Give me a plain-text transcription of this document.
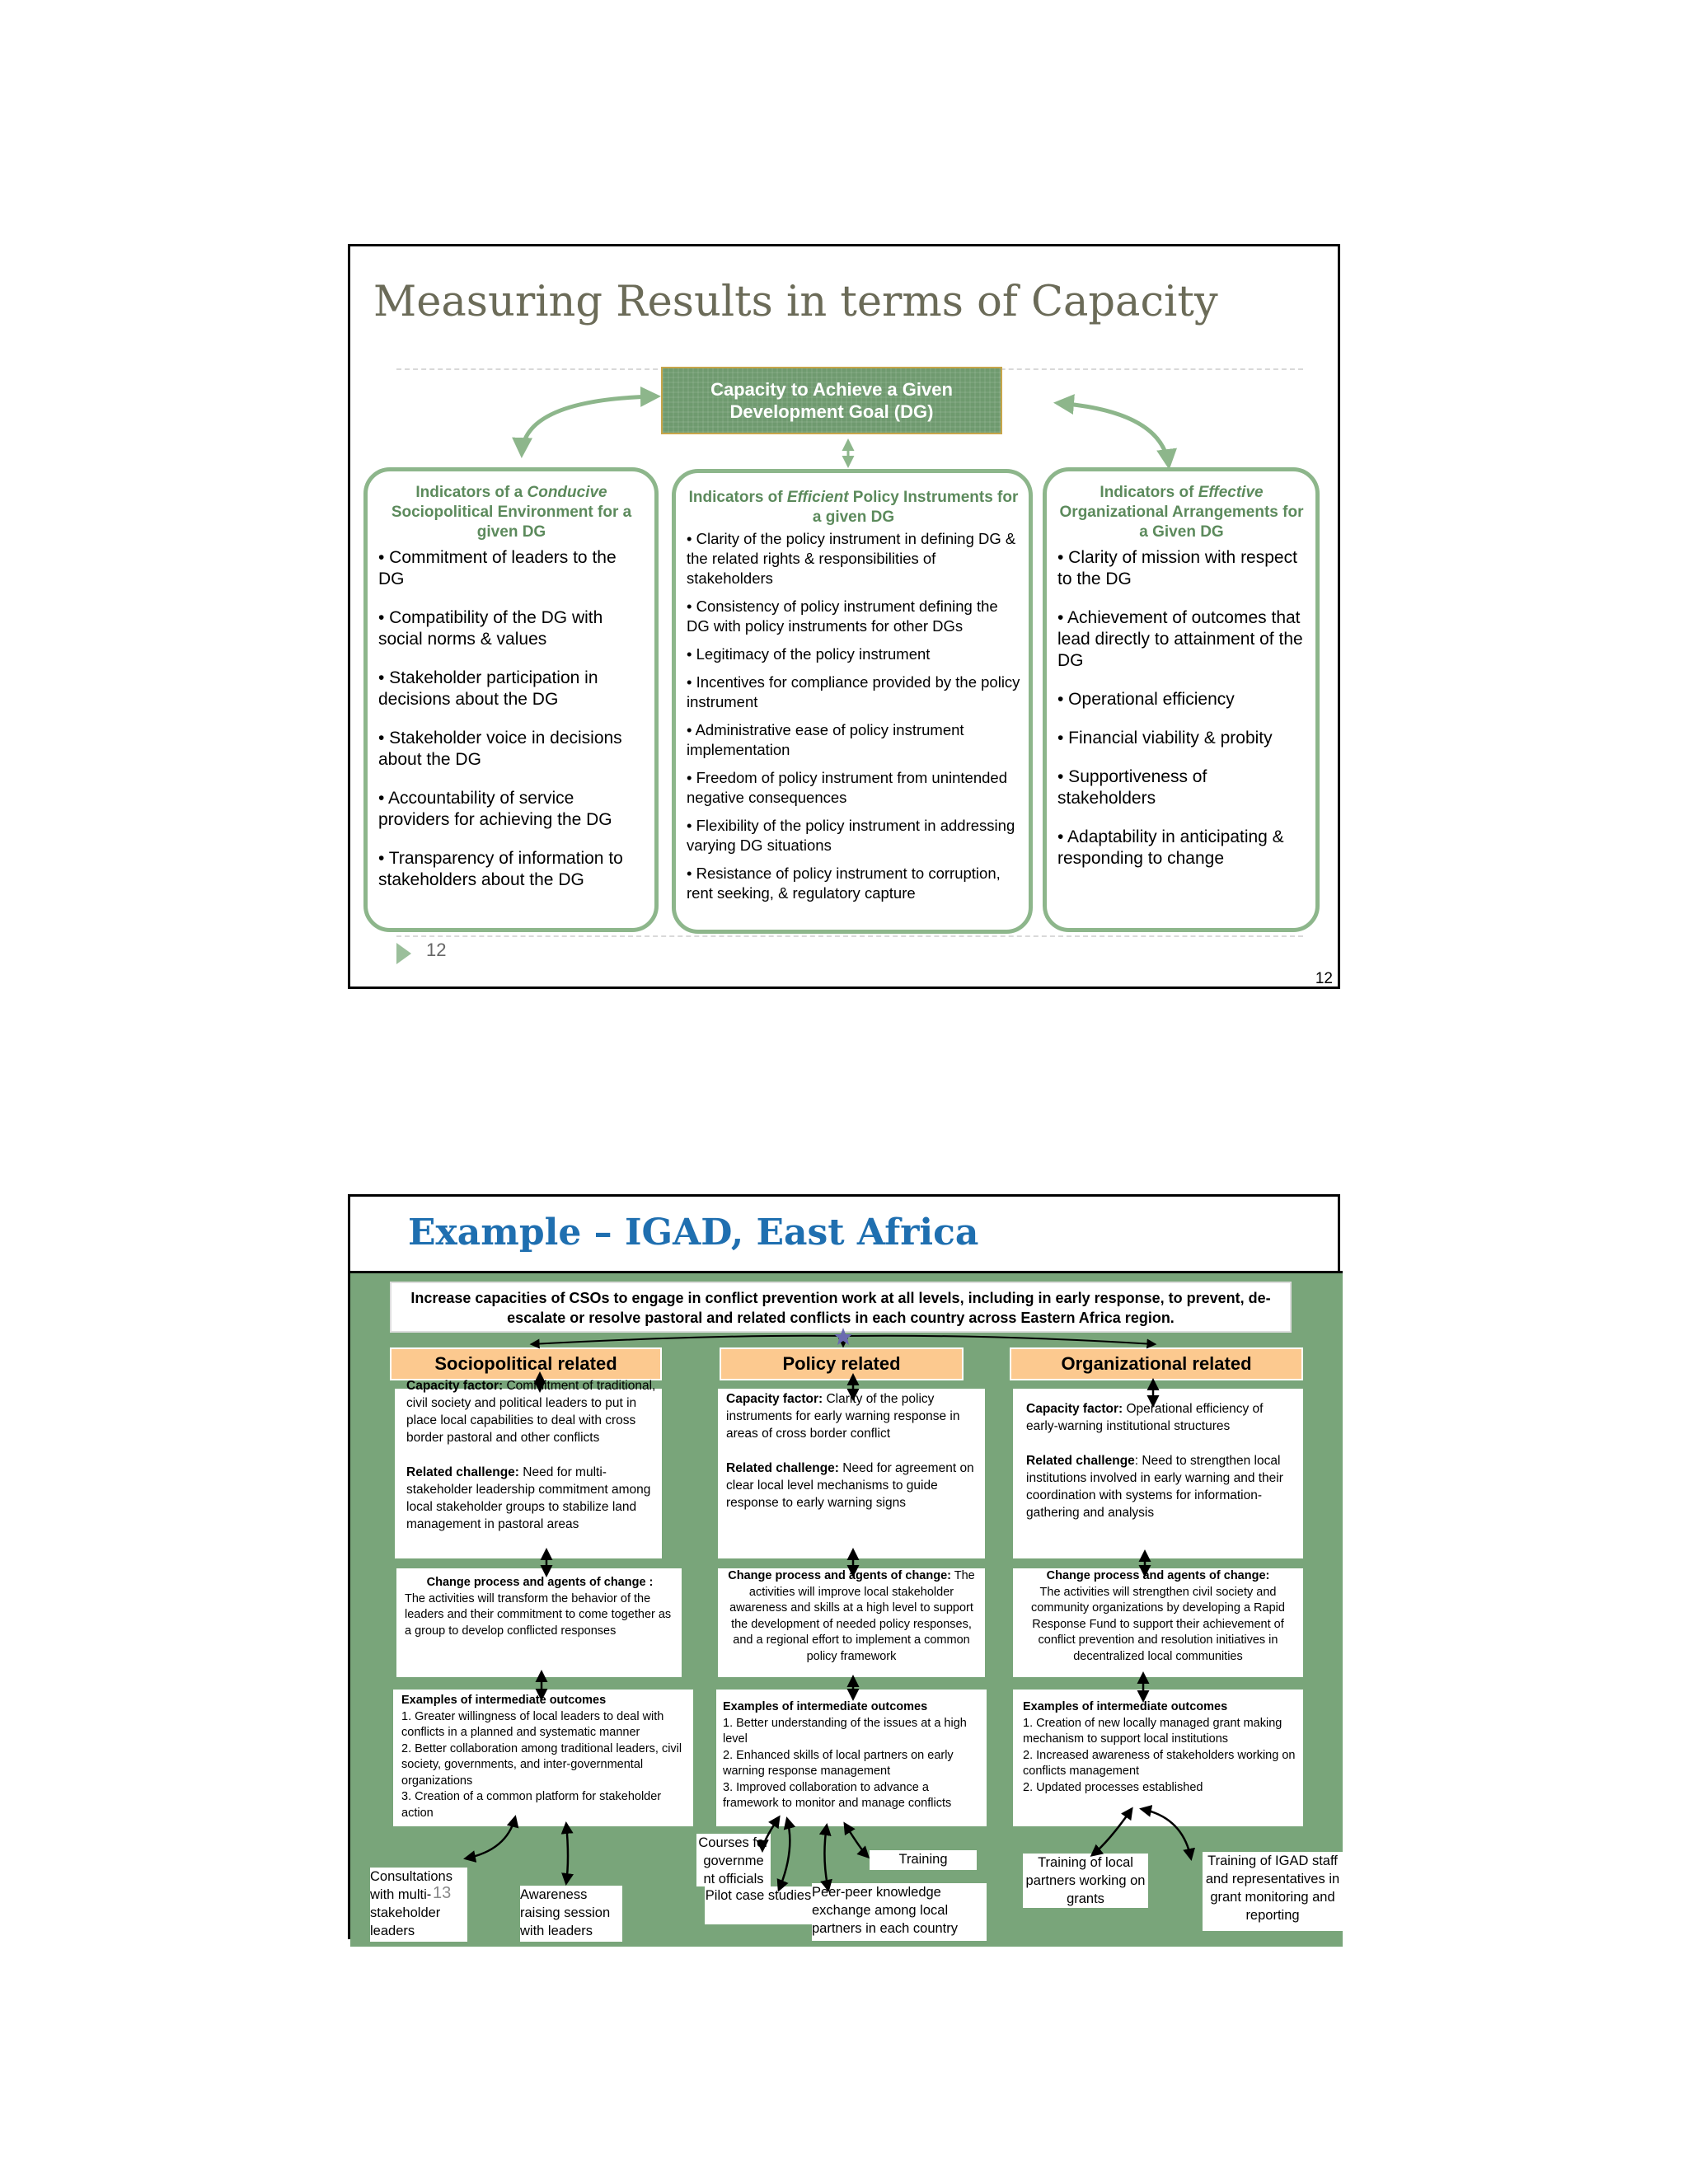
Measuring Results in terms of Capacity
Capacity to Achieve a Given Development Goal (DG)
Indicators of a Conducive Sociopolitical Environment for a given DG
• Commitment of leaders to the DG
• Compatibility of the DG with social norms & values
• Stakeholder participation in decisions about the DG
• Stakeholder voice in decisions about the DG
• Accountability of service providers for achieving the DG
• Transparency of information to stakeholders about the DG
Indicators of Efficient Policy Instruments for a given DG
• Clarity of the policy instrument in defining DG & the related rights & responsibilities of stakeholders
• Consistency of policy instrument defining the DG with policy instruments for other DGs
• Legitimacy of the policy instrument
• Incentives for compliance provided by the policy instrument
• Administrative ease of policy instrument implementation
• Freedom of policy instrument from unintended negative consequences
• Flexibility of the policy instrument in addressing varying DG situations
• Resistance of policy instrument to corruption, rent seeking, & regulatory capture
Indicators of Effective Organizational Arrangements for a Given DG
• Clarity of mission with respect to the DG
• Achievement of outcomes that lead directly to attainment of the DG
• Operational efficiency
• Financial viability & probity
• Supportiveness of stakeholders
• Adaptability in anticipating & responding to change
12
12
Example – IGAD, East Africa
Increase capacities of CSOs to engage in conflict prevention work at all levels, including in early response, to prevent, de-escalate or resolve pastoral and related conflicts in each country across Eastern Africa region.
Sociopolitical related	Policy related	Organizational related
Capacity factor: Commitment of traditional, civil society and political leaders to put in place local capabilities to deal with cross border pastoral and other conflicts
Related challenge: Need for multi-stakeholder leadership commitment among local stakeholder groups to stabilize land management in pastoral areas
Capacity factor: Clarity of the policy instruments for early warning response in areas of cross border conflict
Related challenge: Need for agreement on clear local level mechanisms to guide response to early warning signs
Capacity factor: Operational efficiency of early-warning institutional structures
Related challenge: Need to strengthen local institutions involved in early warning and their coordination with systems for information-gathering and analysis
Change process and agents of change :
The activities will transform the behavior of the leaders and their commitment to come together as a group to develop conflicted responses
Change process and agents of change: The activities will improve local stakeholder awareness and skills at a high level to support the development of needed policy responses, and a regional effort to implement a common policy framework
Change process and agents of change:
The activities will strengthen civil society and community organizations by developing a Rapid Response Fund to support their achievement of conflict prevention and resolution initiatives in decentralized local communities
Examples of intermediate outcomes
1. Greater willingness of local leaders to deal with conflicts in a planned and systematic manner
2. Better collaboration among traditional leaders, civil society, governments, and inter-governmental organizations
3. Creation of a common platform for stakeholder action
Examples of intermediate outcomes
1. Better understanding of the issues at a high level
2. Enhanced skills of local partners on early warning response management
3. Improved collaboration to advance a framework to monitor and manage conflicts
Examples of intermediate outcomes
1. Creation of new locally managed grant making mechanism to support local institutions
2. Increased awareness of stakeholders working on conflicts management
2. Updated processes established
Consultations with multi-stakeholder leaders
Awareness raising session with leaders
Courses for governme nt officials
Pilot case studies
Training
Peer-peer knowledge exchange among local partners in each country
Training of local partners working on grants
Training of IGAD staff and representatives in grant monitoring and reporting
13
